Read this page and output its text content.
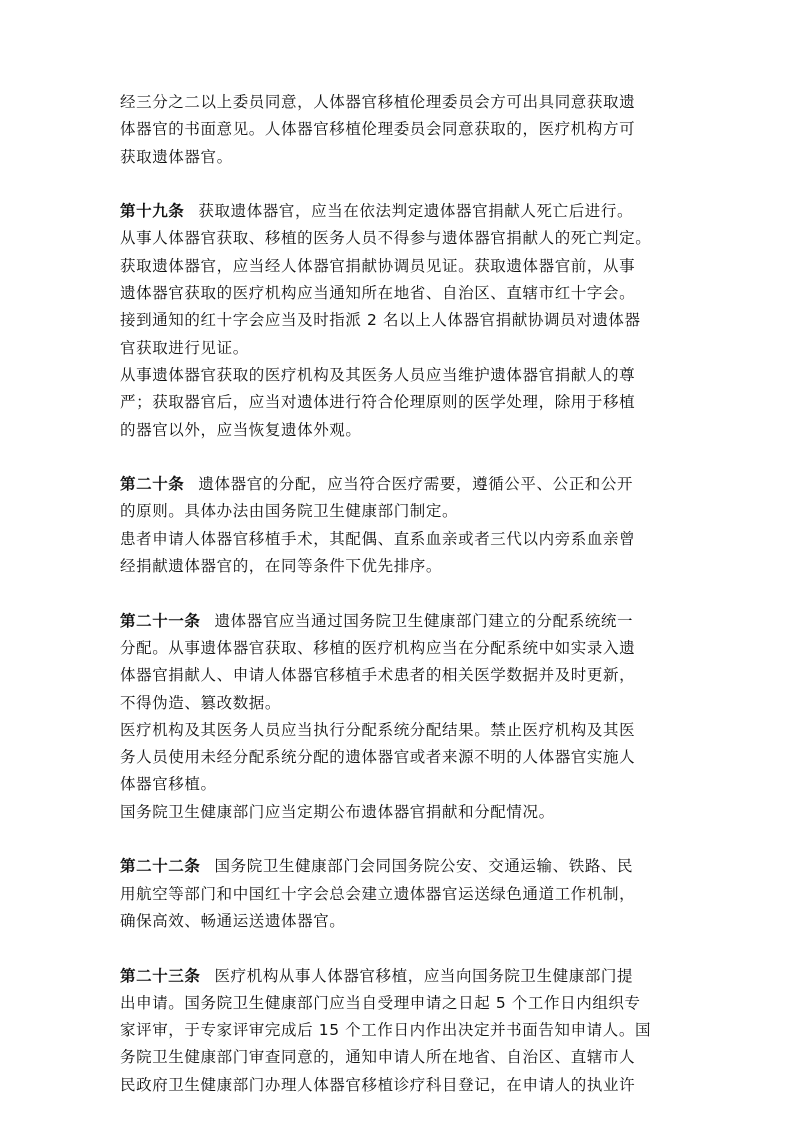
经三分之二以上委员同意，人体器官移植伦理委员会方可出具同意获取遗
体器官的书面意见。人体器官移植伦理委员会同意获取的，医疗机构方可
获取遗体器官。
第十九条 获取遗体器官，应当在依法判定遗体器官捐献人死亡后进行。
从事人体器官获取、移植的医务人员不得参与遗体器官捐献人的死亡判定。
获取遗体器官，应当经人体器官捐献协调员见证。获取遗体器官前，从事
遗体器官获取的医疗机构应当通知所在地省、自治区、直辖市红十字会。
接到通知的红十字会应当及时指派 2 名以上人体器官捐献协调员对遗体器
官获取进行见证。
从事遗体器官获取的医疗机构及其医务人员应当维护遗体器官捐献人的尊
严；获取器官后，应当对遗体进行符合伦理原则的医学处理，除用于移植
的器官以外，应当恢复遗体外观。
第二十条 遗体器官的分配，应当符合医疗需要，遵循公平、公正和公开
的原则。具体办法由国务院卫生健康部门制定。
患者申请人体器官移植手术，其配偶、直系血亲或者三代以内旁系血亲曾
经捐献遗体器官的，在同等条件下优先排序。
第二十一条 遗体器官应当通过国务院卫生健康部门建立的分配系统统一
分配。从事遗体器官获取、移植的医疗机构应当在分配系统中如实录入遗
体器官捐献人、申请人体器官移植手术患者的相关医学数据并及时更新，
不得伪造、篡改数据。
医疗机构及其医务人员应当执行分配系统分配结果。禁止医疗机构及其医
务人员使用未经分配系统分配的遗体器官或者来源不明的人体器官实施人
体器官移植。
国务院卫生健康部门应当定期公布遗体器官捐献和分配情况。
第二十二条 国务院卫生健康部门会同国务院公安、交通运输、铁路、民
用航空等部门和中国红十字会总会建立遗体器官运送绿色通道工作机制，
确保高效、畅通运送遗体器官。
第二十三条 医疗机构从事人体器官移植，应当向国务院卫生健康部门提
出申请。国务院卫生健康部门应当自受理申请之日起 5 个工作日内组织专
家评审，于专家评审完成后 15 个工作日内作出决定并书面告知申请人。国
务院卫生健康部门审查同意的，通知申请人所在地省、自治区、直辖市人
民政府卫生健康部门办理人体器官移植诊疗科目登记，在申请人的执业许
